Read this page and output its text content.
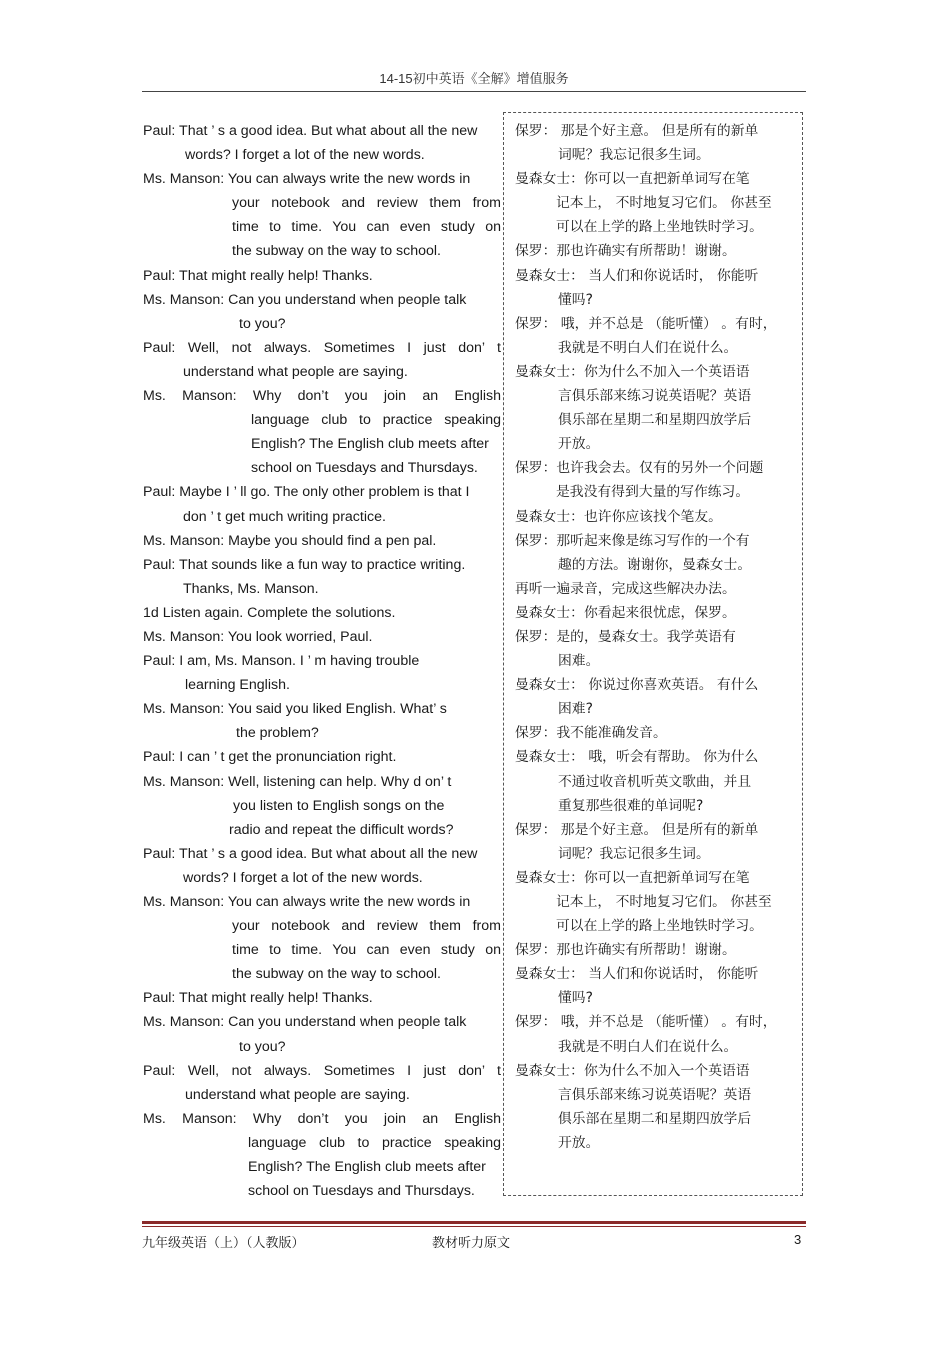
14-15初中英语《全解》增值服务
Paul: That ’ s a good idea. But what about all the new
words? I forget a lot of the new words.
Ms. Manson: You can always write the new words in
your notebook and review them from
time to time. You can even study on
the subway on the way to school.
Paul: That might really help! Thanks.
Ms. Manson: Can you understand when people talk
to you?
Paul: Well, not always. Sometimes I just don’ t
understand what people are saying.
Ms. Manson: Why don’t you join an English
language club to practice speaking
English? The English club meets after
school on Tuesdays and Thursdays.
Paul: Maybe I ’ ll go. The only other problem is that I
don ’ t get much writing practice.
Ms. Manson: Maybe you should find a pen pal.
Paul: That sounds like a fun way to practice writing.
Thanks, Ms. Manson.
1d Listen again. Complete the solutions.
Ms. Manson: You look worried, Paul.
Paul: I am, Ms. Manson. I ’ m having trouble
learning English.
Ms. Manson: You said you liked English. What’ s
the problem?
Paul: I can ’ t get the pronunciation right.
Ms. Manson: Well, listening can help. Why d on’ t
you listen to English songs on the
radio and repeat the difficult words?
Paul: That ’ s a good idea. But what about all the new
words? I forget a lot of the new words.
Ms. Manson: You can always write the new words in
your notebook and review them from
time to time. You can even study on
the subway on the way to school.
Paul: That might really help! Thanks.
Ms. Manson: Can you understand when people talk
to you?
Paul: Well, not always. Sometimes I just don’ t
understand what people are saying.
Ms. Manson: Why don’t you join an English
language club to practice speaking
English? The English club meets after
school on Tuesdays and Thursdays.
保罗： 那是个好主意。 但是所有的新单
词呢？我忘记很多生词。
曼森女士：你可以一直把新单词写在笔
记本上， 不时地复习它们。 你甚至
可以在上学的路上坐地铁时学习。
保罗：那也许确实有所帮助！谢谢。
曼森女士： 当人们和你说话时， 你能听
懂吗?
保罗： 哦，并不总是 （能听懂） 。有时，
我就是不明白人们在说什么。
曼森女士：你为什么不加入一个英语语
言俱乐部来练习说英语呢？英语
俱乐部在星期二和星期四放学后
开放。
保罗：也许我会去。仅有的另外一个问题
是我没有得到大量的写作练习。
曼森女士：也许你应该找个笔友。
保罗：那听起来像是练习写作的一个有
趣的方法。谢谢你，曼森女士。
再听一遍录音，完成这些解决办法。
曼森女士：你看起来很忧虑，保罗。
保罗：是的，曼森女士。我学英语有
困难。
曼森女士： 你说过你喜欢英语。 有什么
困难?
保罗：我不能准确发音。
曼森女士： 哦，听会有帮助。 你为什么
不通过收音机听英文歌曲，并且
重复那些很难的单词呢?
保罗： 那是个好主意。 但是所有的新单
词呢？我忘记很多生词。
曼森女士：你可以一直把新单词写在笔
记本上， 不时地复习它们。 你甚至
可以在上学的路上坐地铁时学习。
保罗：那也许确实有所帮助！谢谢。
曼森女士： 当人们和你说话时， 你能听
懂吗?
保罗： 哦，并不总是 （能听懂） 。有时，
我就是不明白人们在说什么。
曼森女士：你为什么不加入一个英语语
言俱乐部来练习说英语呢？英语
俱乐部在星期二和星期四放学后
开放。
九年级英语（上）（人教版）	教材听力原文	3
